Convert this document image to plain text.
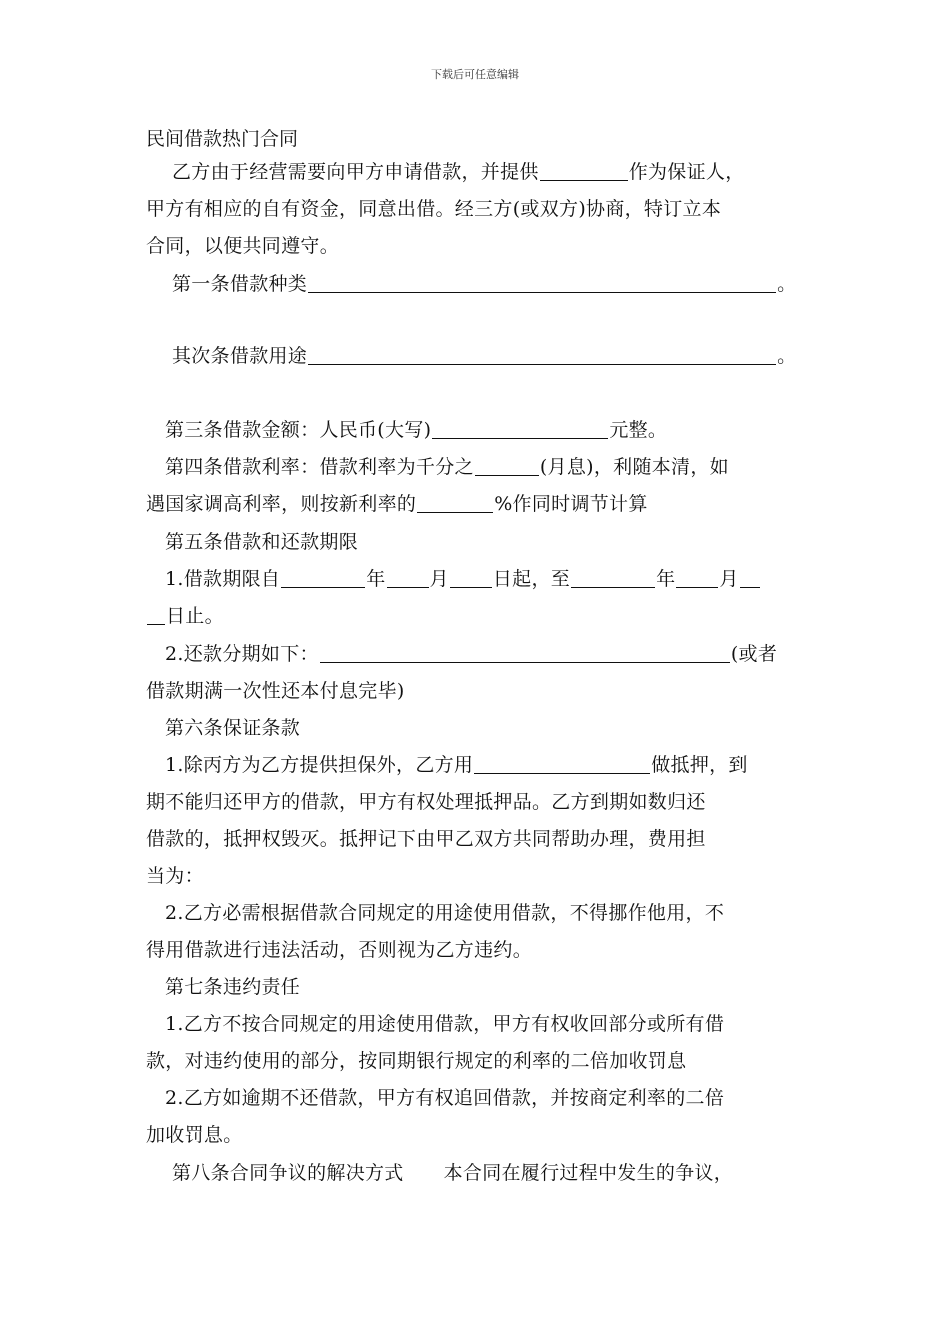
下载后可任意编辑
民间借款热门合同
乙方由于经营需要向甲方申请借款，并提供	作为保证人，
甲方有相应的自有资金，同意出借。经三方(或双方)协商，特订立本
合同，以便共同遵守。
第一条借款种类	。
其次条借款用途	。
第三条借款金额：人民币(大写)	元整。
第四条借款利率：借款利率为千分之	(月息)，利随本清，如
遇国家调高利率，则按新利率的	%作同时调节计算
第五条借款和还款期限
1.借款期限自	年 月 日起，至	年 月
日止。
2.还款分期如下：	(或者
借款期满一次性还本付息完毕)
第六条保证条款
1.除丙方为乙方提供担保外，乙方用	做抵押，到
期不能归还甲方的借款，甲方有权处理抵押品。乙方到期如数归还
借款的，抵押权毁灭。抵押记下由甲乙双方共同帮助办理，费用担
当为：
2.乙方必需根据借款合同规定的用途使用借款，不得挪作他用，不
得用借款进行违法活动，否则视为乙方违约。
第七条违约责任
1.乙方不按合同规定的用途使用借款，甲方有权收回部分或所有借
款，对违约使用的部分，按同期银行规定的利率的二倍加收罚息
2.乙方如逾期不还借款，甲方有权追回借款，并按商定利率的二倍
加收罚息。
第八条合同争议的解决方式 本合同在履行过程中发生的争议，
